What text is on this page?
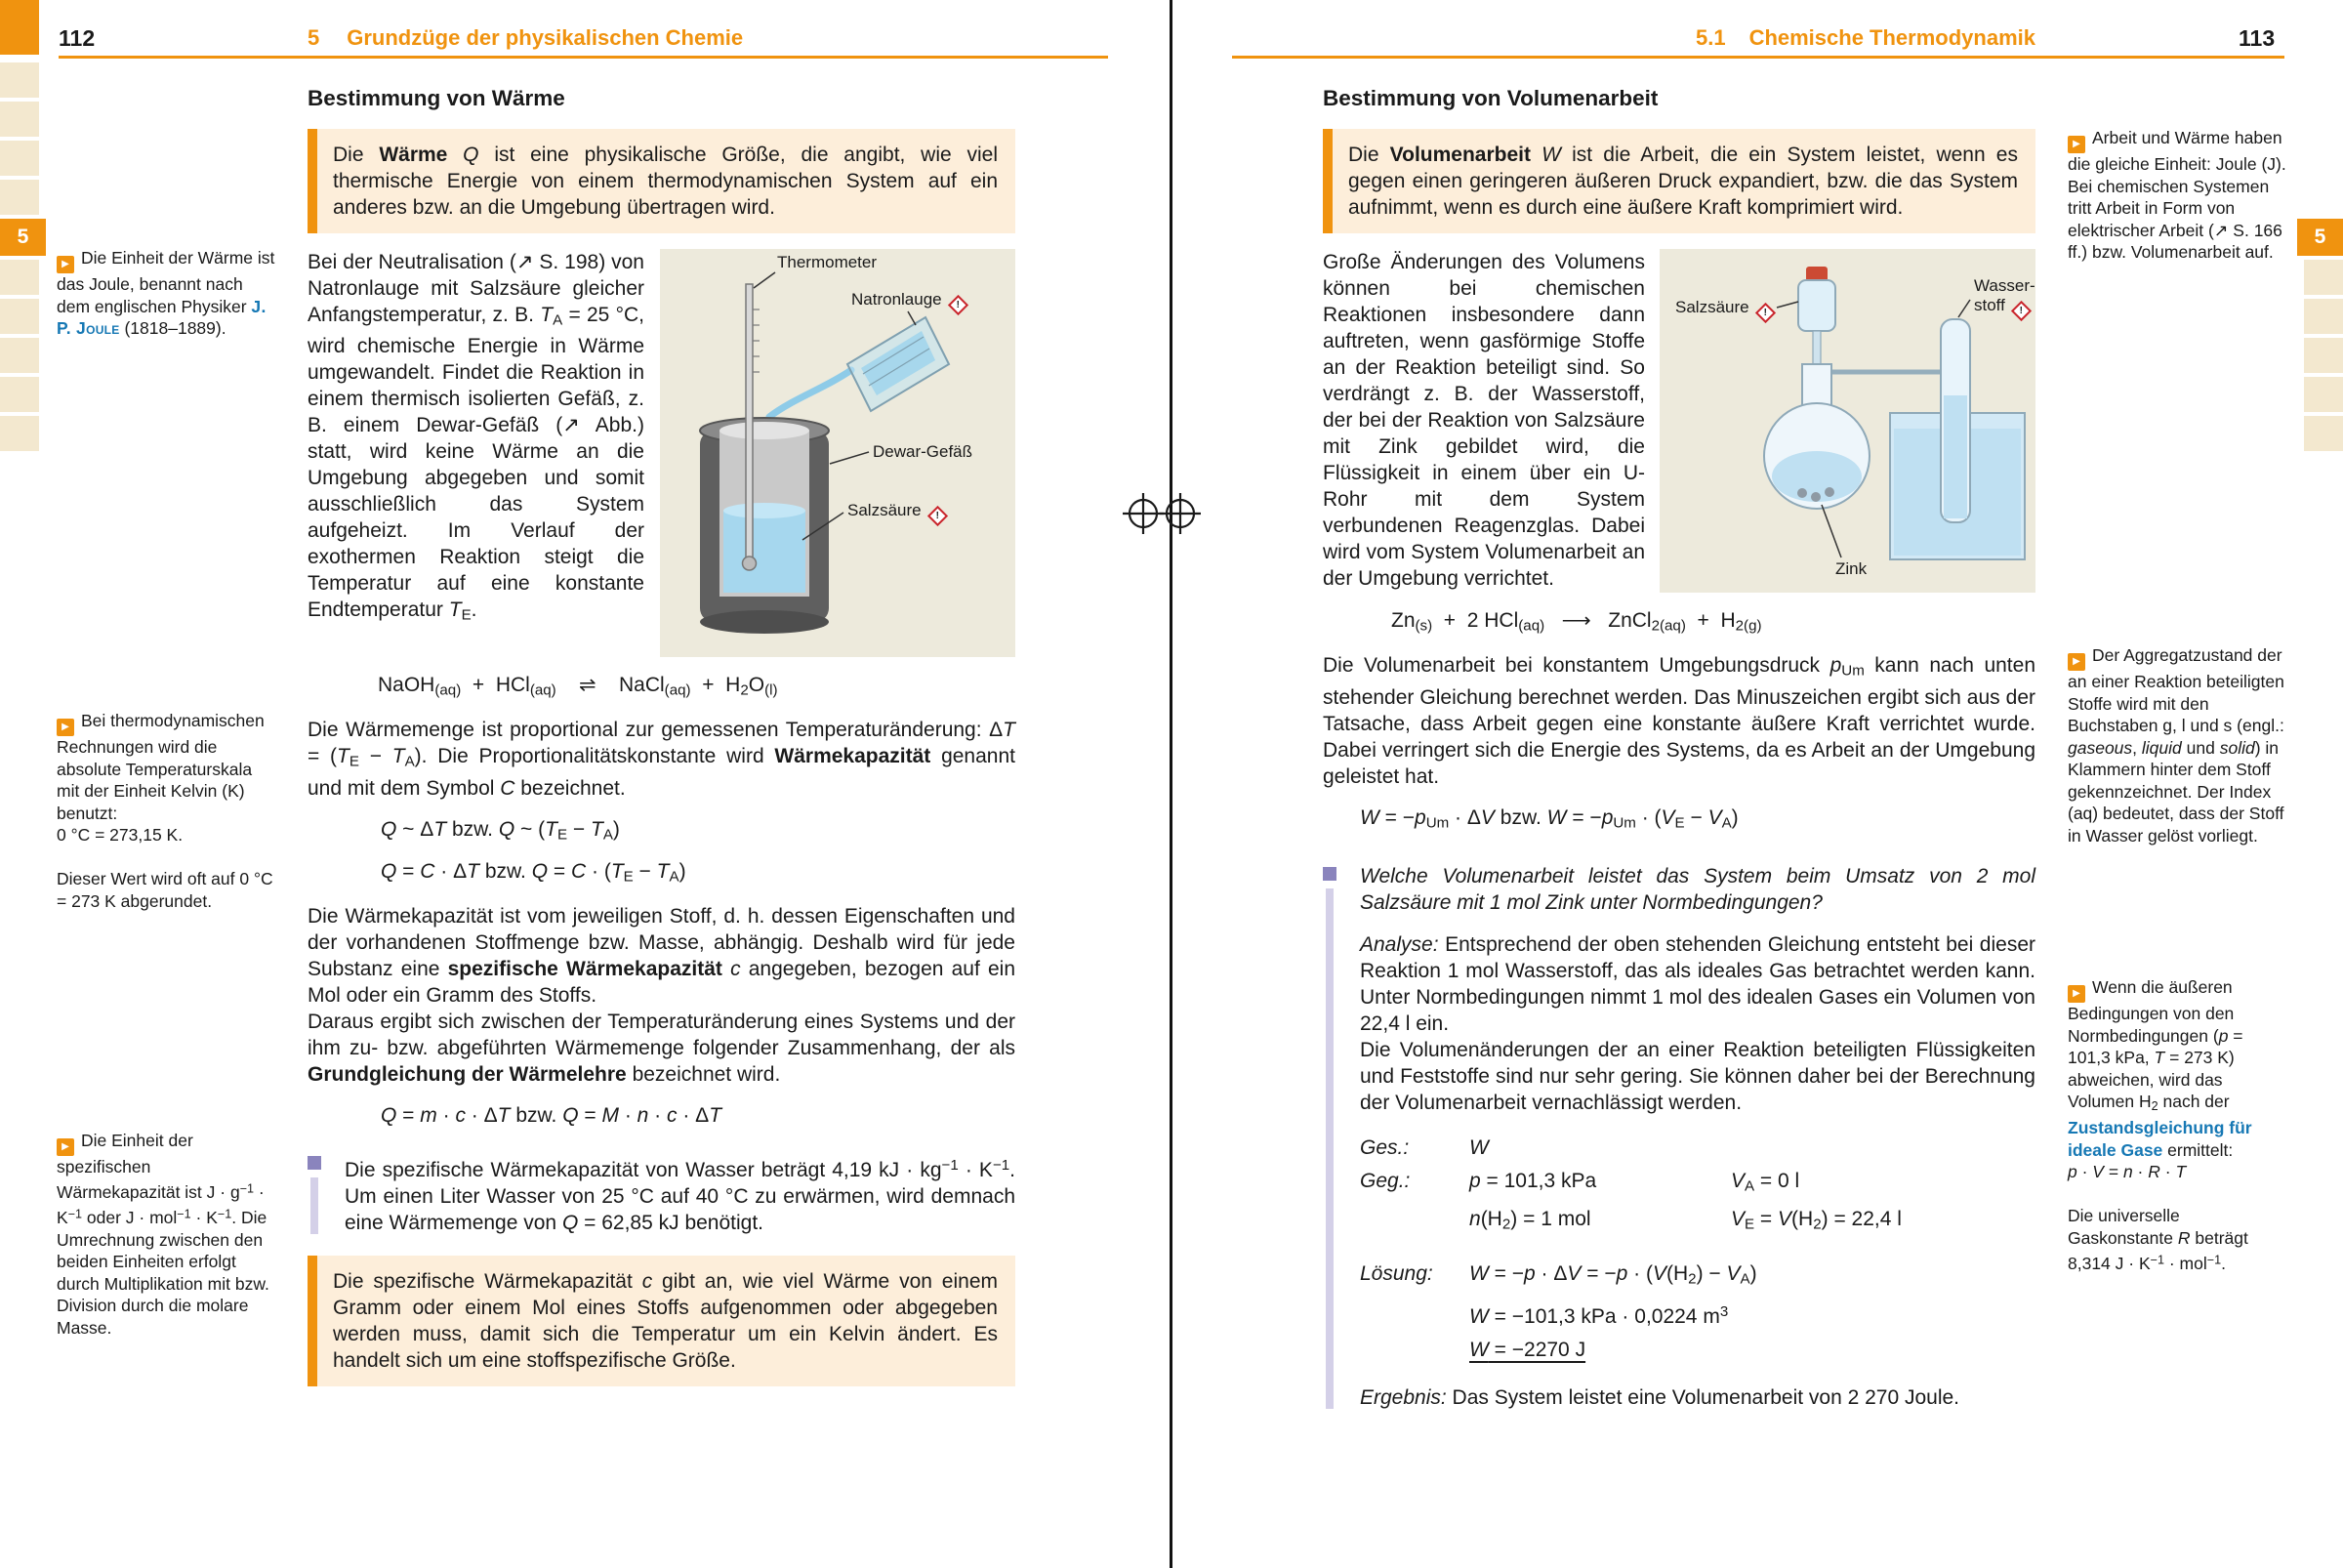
5
112	5 Grundzüge der physikalischen Chemie
▶ Die Einheit der Wärme ist das Joule, benannt nach dem englischen Physiker J. P. Joule (1818–1889).
▶ Bei thermodynamischen Rechnungen wird die absolute Temperaturskala mit der Einheit Kelvin (K) benutzt:
0 °C = 273,15 K.

Dieser Wert wird oft auf 0 °C = 273 K abgerundet.
▶ Die Einheit der spezifischen Wärmekapazität ist $J \cdot g^{-1} \cdot K^{-1}$ oder $J \cdot mol^{-1} \cdot K^{-1}$. Die Umrechnung zwischen den beiden Einheiten erfolgt durch Multiplikation mit bzw. Division durch die molare Masse.
Bestimmung von Wärme
Die Wärme Q ist eine physikalische Größe, die angibt, wie viel thermische Energie von einem thermodynamischen System auf ein anderes bzw. an die Umgebung übertragen wird.
Bei der Neutralisation (↗ S. 198) von Natronlauge mit Salzsäure gleicher Anfangstemperatur, z. B. $T_A = 25$ °C, wird chemische Energie in Wärme umgewandelt. Findet die Reaktion in einem thermisch isolierten Gefäß, z. B. einem Dewar-Gefäß (↗ Abb.) statt, wird keine Wärme an die Umgebung abgegeben und somit ausschließlich das System aufgeheizt. Im Verlauf der exothermen Reaktion steigt die Temperatur auf eine konstante Endtemperatur $T_E$.
Thermometer
Natronlauge !
Dewar-Gefäß
Salzsäure !
NaOH$_{(aq)}$  +  HCl$_{(aq)}$    ⇌    NaCl$_{(aq)}$  +  $H_2O_{(l)}$
Die Wärmemenge ist proportional zur gemessenen Temperaturänderung: $\Delta T = (T_E - T_A)$. Die Proportionalitätskonstante wird Wärmekapazität genannt und mit dem Symbol C bezeichnet.
Q ~ ΔT bzw. Q ~ $(T_E - T_A)$
Q = C · ΔT bzw. $Q = C \cdot (T_E - T_A)$
Die Wärmekapazität ist vom jeweiligen Stoff, d. h. dessen Eigenschaften und der vorhandenen Stoffmenge bzw. Masse, abhängig. Deshalb wird für jede Substanz eine spezifische Wärmekapazität c angegeben, bezogen auf ein Mol oder ein Gramm des Stoffs.
Daraus ergibt sich zwischen der Temperaturänderung eines Systems und der ihm zu- bzw. abgeführten Wärmemenge folgender Zusammenhang, der als Grundgleichung der Wärmelehre bezeichnet wird.
Q = m · c · ΔT bzw. Q = M · n · c · ΔT
Die spezifische Wärmekapazität von Wasser beträgt 4,19 kJ · $kg^{-1} \cdot K^{-1}$. Um einen Liter Wasser von 25 °C auf 40 °C zu erwärmen, wird demnach eine Wärmemenge von Q = 62,85 kJ benötigt.
Die spezifische Wärmekapazität c gibt an, wie viel Wärme von einem Gramm oder einem Mol eines Stoffs aufgenommen oder abgegeben werden muss, damit sich die Temperatur um ein Kelvin ändert. Es handelt sich um eine stoffspezifische Größe.
5.1 Chemische Thermodynamik	113
▶ Arbeit und Wärme haben die gleiche Einheit: Joule (J). Bei chemischen Systemen tritt Arbeit in Form von elektrischer Arbeit (↗ S. 166 ff.) bzw. Volumenarbeit auf.
▶ Der Aggregatzustand der an einer Reaktion beteiligten Stoffe wird mit den Buchstaben g, l und s (engl.: gaseous, liquid und solid) in Klammern hinter dem Stoff gekennzeichnet. Der Index (aq) bedeutet, dass der Stoff in Wasser gelöst vorliegt.
▶ Wenn die äußeren Bedingungen von den Normbedingungen (p = 101,3 kPa, T = 273 K) abweichen, wird das Volumen $H_2$ nach der Zustandsgleichung für ideale Gase ermittelt:
p · V = n · R · T

Die universelle Gaskonstante R beträgt 8,314 $J \cdot K^{-1} \cdot mol^{-1}$.
Bestimmung von Volumenarbeit
Die Volumenarbeit W ist die Arbeit, die ein System leistet, wenn es gegen einen geringeren äußeren Druck expandiert, bzw. die das System aufnimmt, wenn es durch eine äußere Kraft komprimiert wird.
Große Änderungen des Volumens können bei chemischen Reaktionen insbesondere dann auftreten, wenn gasförmige Stoffe an der Reaktion beteiligt sind. So verdrängt z. B. der Wasserstoff, der bei der Reaktion von Salzsäure mit Zink gebildet wird, die Flüssigkeit in einem über ein U-Rohr mit dem System verbundenen Reagenzglas. Dabei wird vom System Volumenarbeit an der Umgebung verrichtet.
Salzsäure !
Wasser-
stoff !
Zink
$Zn_{(s)} + 2$ HCl$_{(aq)}$   ⟶   ZnCl$_{2(aq)}$  +  $H_{2(g)}$
Die Volumenarbeit bei konstantem Umgebungsdruck $p_{Um}$ kann nach unten stehender Gleichung berechnet werden. Das Minuszeichen ergibt sich aus der Tatsache, dass Arbeit gegen eine konstante äußere Kraft verrichtet wurde. Dabei verringert sich die Energie des Systems, da es Arbeit an der Umgebung geleistet hat.
$W = -p_{Um} \cdot \Delta V$ bzw. $W = -p_{Um} \cdot (V_E - V_A)$
Welche Volumenarbeit leistet das System beim Umsatz von 2 mol Salzsäure mit 1 mol Zink unter Normbedingungen?
Analyse: Entsprechend der oben stehenden Gleichung entsteht bei dieser Reaktion 1 mol Wasserstoff, das als ideales Gas betrachtet werden kann. Unter Normbedingungen nimmt 1 mol des idealen Gases ein Volumen von 22,4 l ein.
Die Volumenänderungen der an einer Reaktion beteiligten Flüssigkeiten und Feststoffe sind nur sehr gering. Sie können daher bei der Berechnung der Volumenarbeit vernachlässigt werden.
Ges.:	W
Geg.:	p = 101,3 kPa	$V_A = 0$ l
$n(H_2) = 1$ mol	$V_E = V(H_2) = 22,4$ l
Lösung:	$W = -p \cdot \Delta V = -p \cdot (V(H_2) - V_A)$
W = −101,3 kPa · 0,0224 $m^3$
W = −2270 J
Ergebnis: Das System leistet eine Volumenarbeit von 2 270 Joule.
5
